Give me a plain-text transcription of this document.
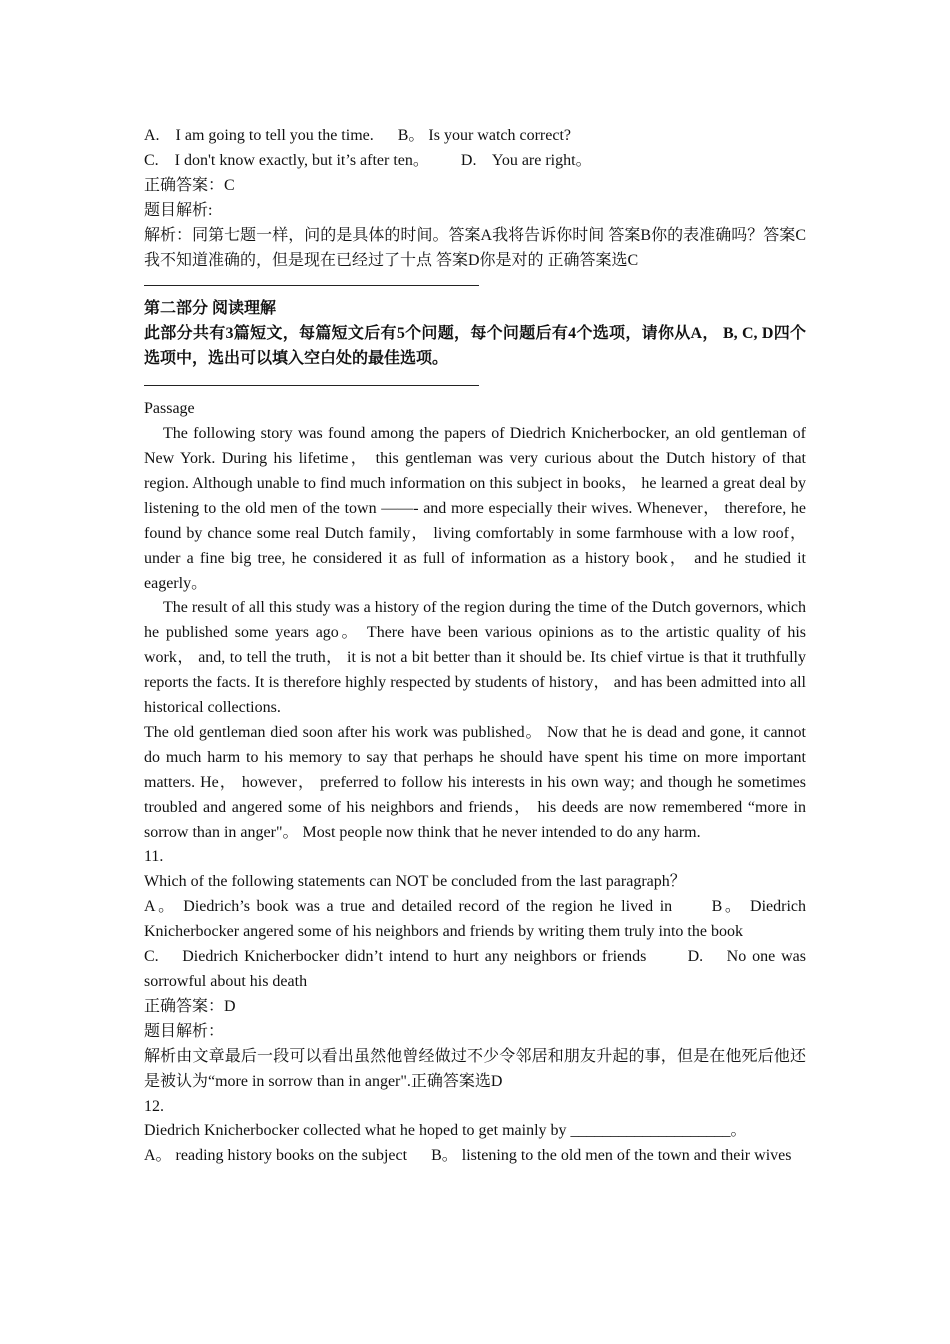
A.    I am going to tell you the time.      B。 Is your watch correct?

C.    I don't know exactly, but it’s after ten。        D.    You are right。

正确答案：C

题目解析:

解析：同第七题一样，问的是具体的时间。答案A我将告诉你时间 答案B你的表准确吗？答案C我不知道准确的，但是现在已经过了十点 答案D你是对的 正确答案选C

第二部分 阅读理解

此部分共有3篇短文，每篇短文后有5个问题，每个问题后有4个选项，请你从A， B, C, D四个选项中，选出可以填入空白处的最佳选项。

Passage

The following story was found among the papers of Diedrich Knicherbocker, an old gentleman of New York. During his lifetime， this gentleman was very curious about the Dutch history of that region. Although unable to find much information on this subject in books， he learned a great deal by listening to the old men of the town ——- and more especially their wives. Whenever， therefore, he found by chance some real Dutch family， living comfortably in some farmhouse with a low roof， under a fine big tree, he considered it as full of information as a history book， and he studied it eagerly。

The result of all this study was a history of the region during the time of the Dutch governors, which he published some years ago。 There have been various opinions as to the artistic quality of his work， and, to tell the truth， it is not a bit better than it should be. Its chief virtue is that it truthfully reports the facts. It is therefore highly respected by students of history， and has been admitted into all historical collections.

The old gentleman died soon after his work was published。 Now that he is dead and gone, it cannot do much harm to his memory to say that perhaps he should have spent his time on more important matters. He， however， preferred to follow his interests in his own way; and though he sometimes troubled and angered some of his neighbors and friends， his deeds are now remembered “more in sorrow than in anger"。 Most people now think that he never intended to do any harm.

11.

Which of the following statements can NOT be concluded from the last paragraph？

A。 Diedrich’s book was a true and detailed record of the region he lived in      B。 Diedrich Knicherbocker angered some of his neighbors and friends by writing them truly into the book

C.    Diedrich Knicherbocker didn’t intend to hurt any neighbors or friends       D.    No one was sorrowful about his death

正确答案：D

题目解析：

解析由文章最后一段可以看出虽然他曾经做过不少令邻居和朋友升起的事，但是在他死后他还是被认为“more in sorrow than in anger".正确答案选D

12.

Diedrich Knicherbocker collected what he hoped to get mainly by ____________________。

A。 reading history books on the subject      B。 listening to the old men of the town and their wives
